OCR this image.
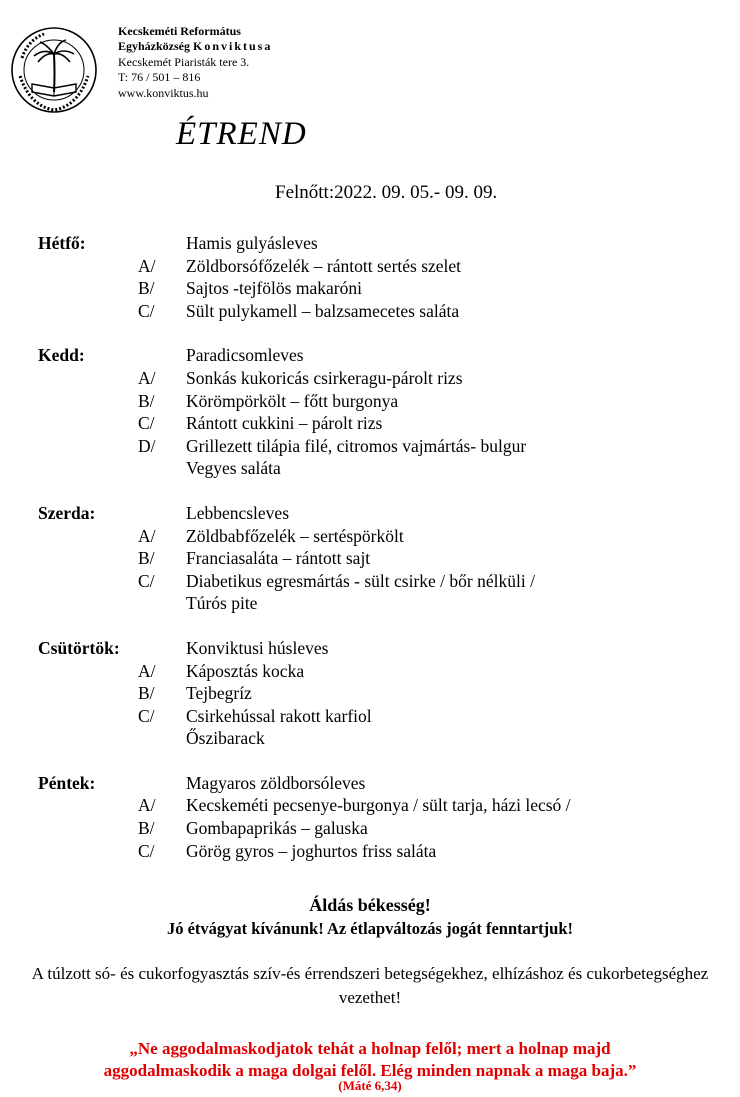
Kecskeméti Református
Egyházközség Konviktusa
Kecskemét Piaristák tere 3.
T: 76 / 501 – 816
www.konviktus.hu
ÉTREND
Felnőtt:2022. 09. 05.- 09. 09.
Hétfő:	Hamis gulyásleves
A/ Zöldborsófőzelék – rántott sertés szelet
B/ Sajtos -tejfölös makaróni
C/ Sült pulykamell – balzsamecetes saláta
Kedd:	Paradicsomleves
A/ Sonkás kukoricás csirkeragu-párolt rizs
B/ Körömpörkölt – főtt burgonya
C/ Rántott cukkini – párolt rizs
D/ Grillezett tilápia filé, citromos vajmártás- bulgur
Vegyes saláta
Szerda:	Lebbencsleves
A/ Zöldbabfőzelék – sertéspörkölt
B/ Franciasaláta – rántott sajt
C/ Diabetikus egresmártás - sült csirke / bőr nélküli /
Túrós pite
Csütörtök:	Konviktusi húsleves
A/ Káposztás kocka
B/ Tejbegríz
C/ Csirkehússal rakott karfiol
Őszibarack
Péntek:	Magyaros zöldborsóleves
A/ Kecskeméti pecsenye-burgonya / sült tarja, házi lecsó /
B/ Gombapaprikás – galuska
C/ Görög gyros – joghurtos friss saláta
Áldás békesség!
Jó étvágyat kívánunk! Az étlapváltozás jogát fenntartjuk!
A túlzott só- és cukorfogyasztás szív-és érrendszeri betegségekhez, elhízáshoz és cukorbetegséghez vezethet!
„Ne aggodalmaskodjatok tehát a holnap felől; mert a holnap majd
aggodalmaskodik a maga dolgai felől. Elég minden napnak a maga baja.”
(Máté 6,34)
